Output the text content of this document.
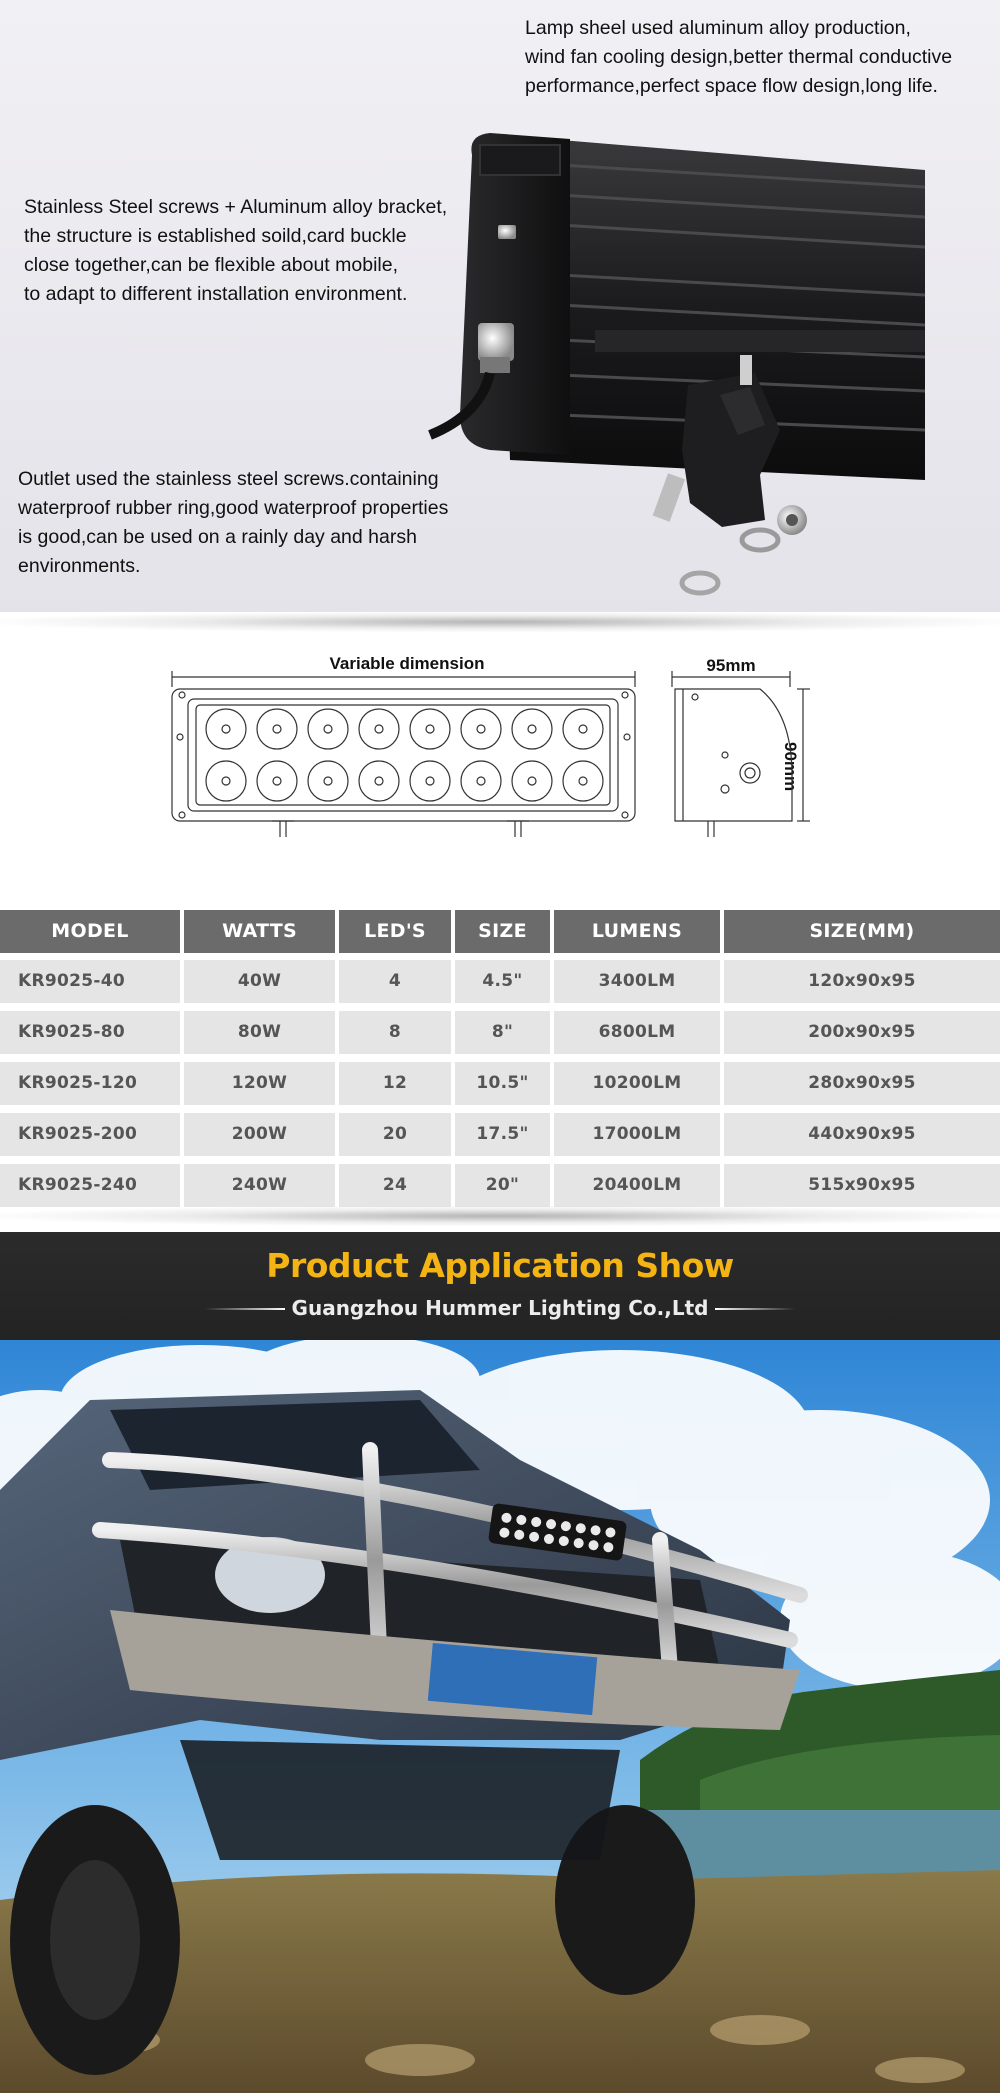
Lamp sheel used aluminum alloy production,
wind fan cooling design,better thermal conductive
performance,perfect space flow design,long life.
Stainless Steel screws + Aluminum alloy bracket,
the structure is established soild,card buckle
close together,can be flexible about mobile,
to adapt to different installation environment.
Outlet used the stainless steel screws.containing
waterproof rubber ring,good waterproof properties
is good,can be used on a rainly day and harsh
environments.
Variable dimension	95mm
90mm
MODEL	WATTS	LED'S	SIZE	LUMENS	SIZE(MM)
KR9025-40	40W	4	4.5"	3400LM	120x90x95
KR9025-80	80W	8	8"	6800LM	200x90x95
KR9025-120	120W	12	10.5"	10200LM	280x90x95
KR9025-200	200W	20	17.5"	17000LM	440x90x95
KR9025-240	240W	24	20"	20400LM	515x90x95
Product Application Show
Guangzhou Hummer Lighting Co.,Ltd
